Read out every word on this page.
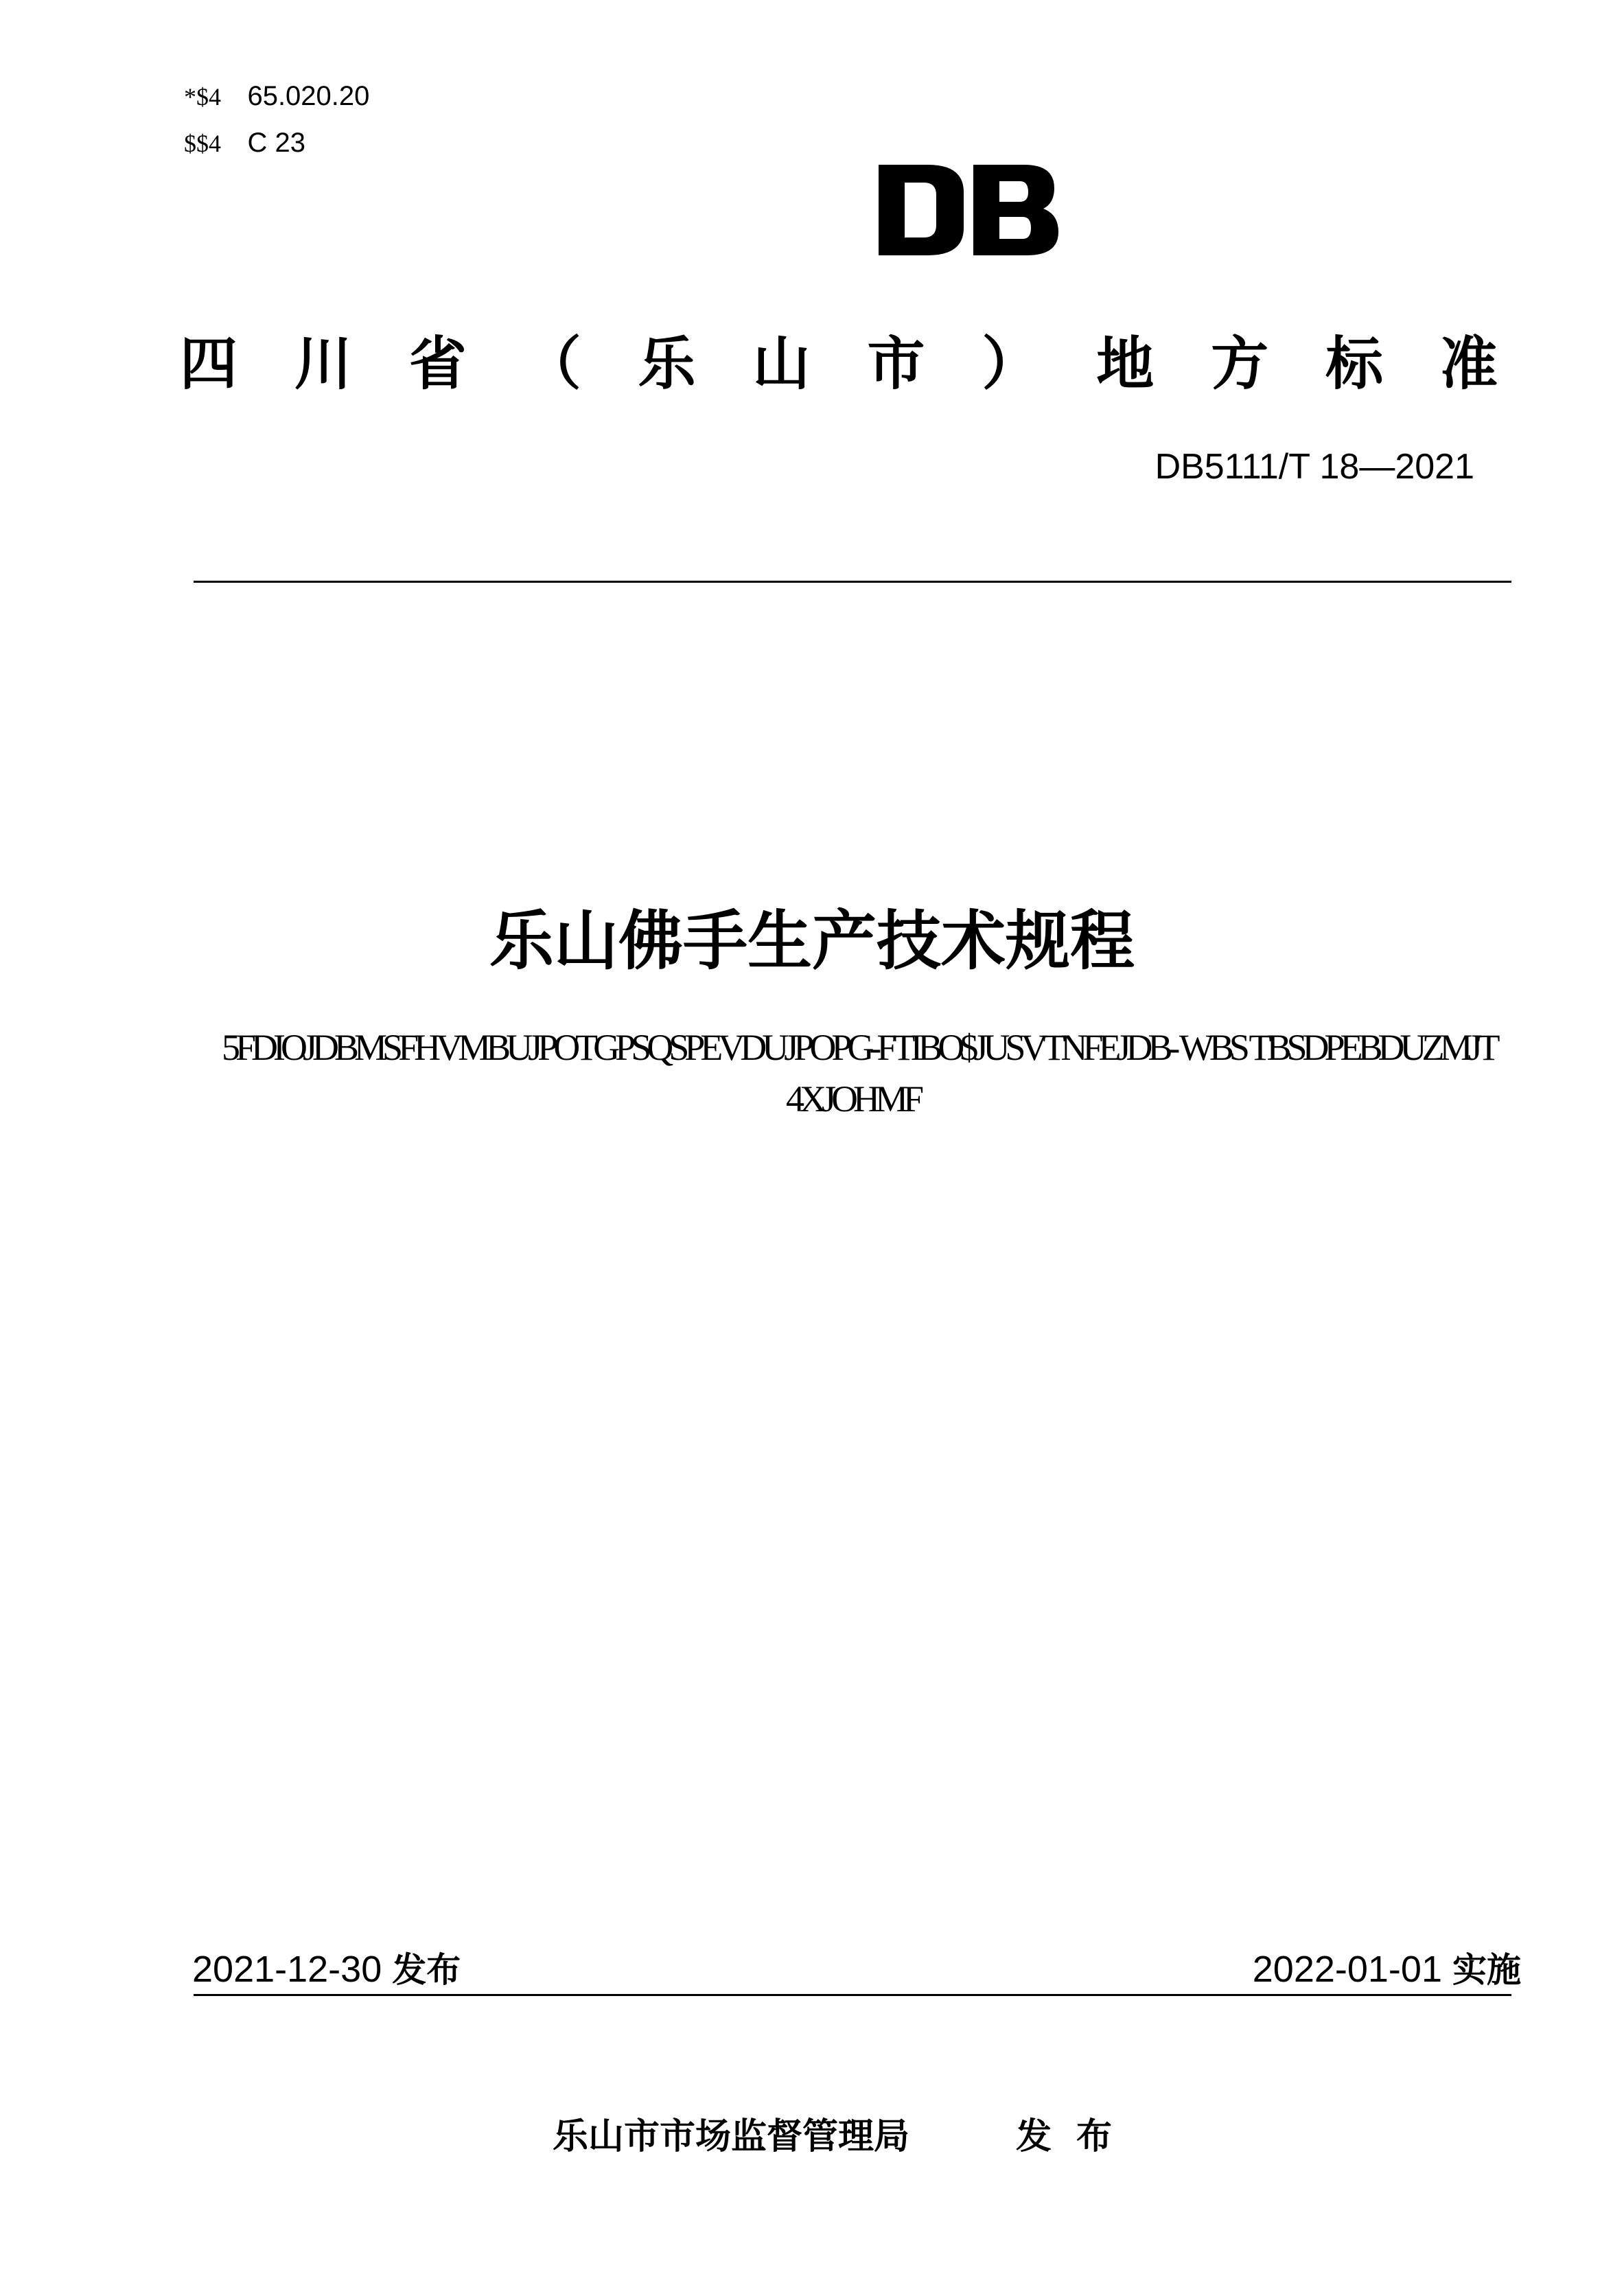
*$4 65.020.20
$$4 C 23
四 川 省 （ 乐 山 市 ） 地 方 标 准
DB5111/T 18—2021
乐山佛手生产技术规程
5FDIOJDBMSFHVMBUJPOTGPSQSPEVDUJPOPG-FTIBO$JUSVTNFEJDB- WBS TBSDPEBDUZMJT
4XJOHMF
2021-12-30 发布	2022-01-01 实施
乐山市市场监督管理局	发布
